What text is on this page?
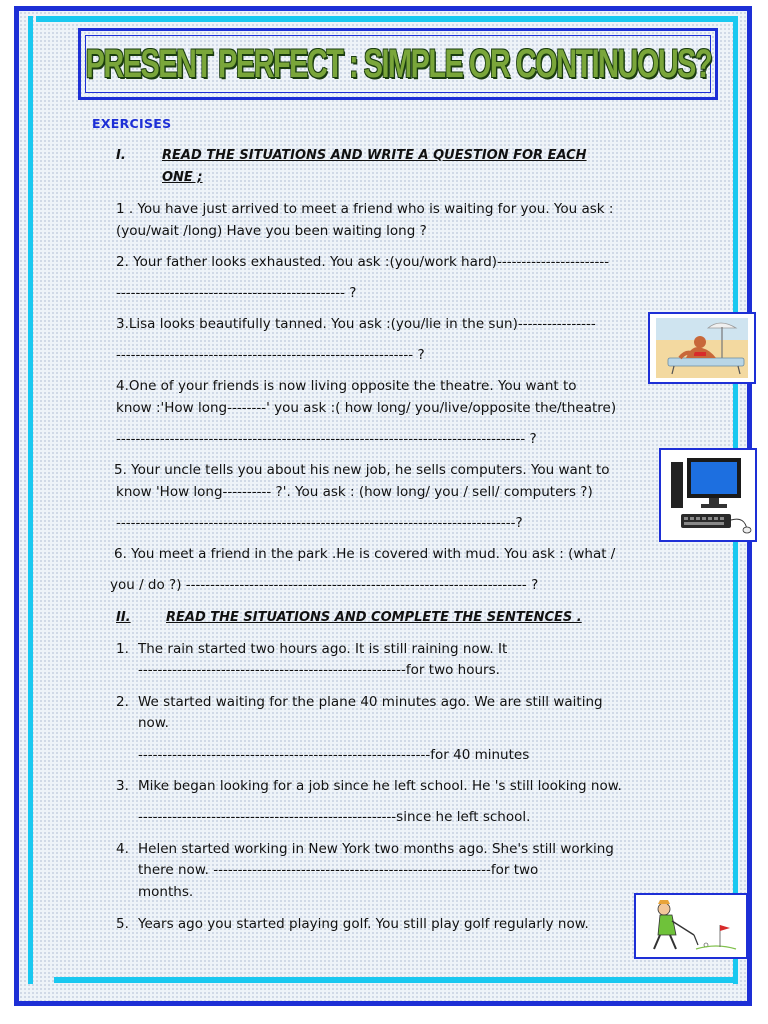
PRESENT PERFECT : SIMPLE OR CONTINUOUS?
EXERCISES
I.	READ THE SITUATIONS AND WRITE A QUESTION FOR EACH
ONE ;
1 . You have just arrived to meet a friend who is waiting for you. You ask :
(you/wait /long) Have you been waiting long ?
2. Your father looks exhausted. You ask :(you/work hard)-----------------------
----------------------------------------------- ?
3.Lisa looks beautifully tanned. You ask :(you/lie in the sun)----------------
------------------------------------------------------------- ?
4.One of your friends is now living opposite the theatre. You want to
know :'How long--------' you ask :( how long/ you/live/opposite the/theatre)
------------------------------------------------------------------------------------ ?
5. Your uncle tells you about his new job, he sells computers. You want to
know 'How long---------- ?'. You ask : (how long/ you / sell/ computers ?)
----------------------------------------------------------------------------------?
6. You meet a friend in the park .He is covered with mud. You ask : (what /
you / do ?) ---------------------------------------------------------------------- ?
II.	READ THE SITUATIONS AND COMPLETE THE SENTENCES .
1. The rain started two hours ago. It is still raining now. It
-------------------------------------------------------for two hours.
2. We started waiting for the plane 40 minutes ago. We are still waiting
now.
------------------------------------------------------------for 40 minutes
3. Mike began looking for a job since he left school. He 's still looking now.
-----------------------------------------------------since he left school.
4. Helen started working in New York two months ago. She's still working
there now. ---------------------------------------------------------for two
months.
5. Years ago you started playing golf. You still play golf regularly now.
